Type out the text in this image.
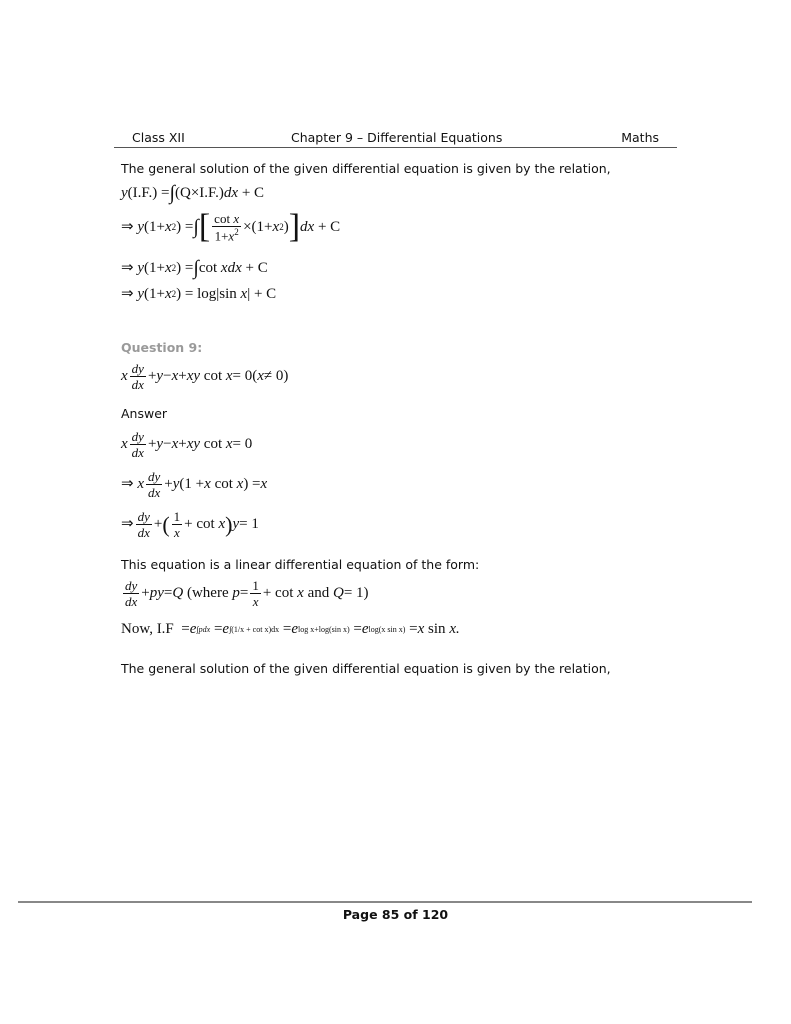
Class XII	Chapter 9 – Differential Equations	Maths
The general solution of the given differential equation is given by the relation,
y (I.F.) = ∫ (Q×I.F.) dx + C
⇒ y (1+ x 2 ) = ∫ [ $\frac{\text{cot x}}{1+x^2} \times(1+ x$ 2 ) ] dx + C
⇒ y (1+ x 2 ) = ∫ cot xdx + C
⇒ y (1+ x 2 ) = log|sin x | + C
Question 9:
x $\frac{dy}{dx} + y - x$ + xy cot x = 0( x ≠ 0)
Answer
x $\frac{dy}{dx} + y - x$ + xy cot x = 0
⇒ x $\frac{dy}{dx} + y$ (1 + x cot x ) = x
⇒ $\frac{dy}{dx}$ + ( $\frac{1}{x} + \cot x$ ) y = 1
This equation is a linear differential equation of the form:
$\frac{dy}{dx}$ + py = Q (where $p = \frac{1}{x} + \cot x$ and Q = 1)
Now, I.F  = e ∫pdx = e ∫(1/x + cot x)dx = e log x+log(sin x) = e log(x sin x) = x sin x.
The general solution of the given differential equation is given by the relation,
Page 85 of 120
